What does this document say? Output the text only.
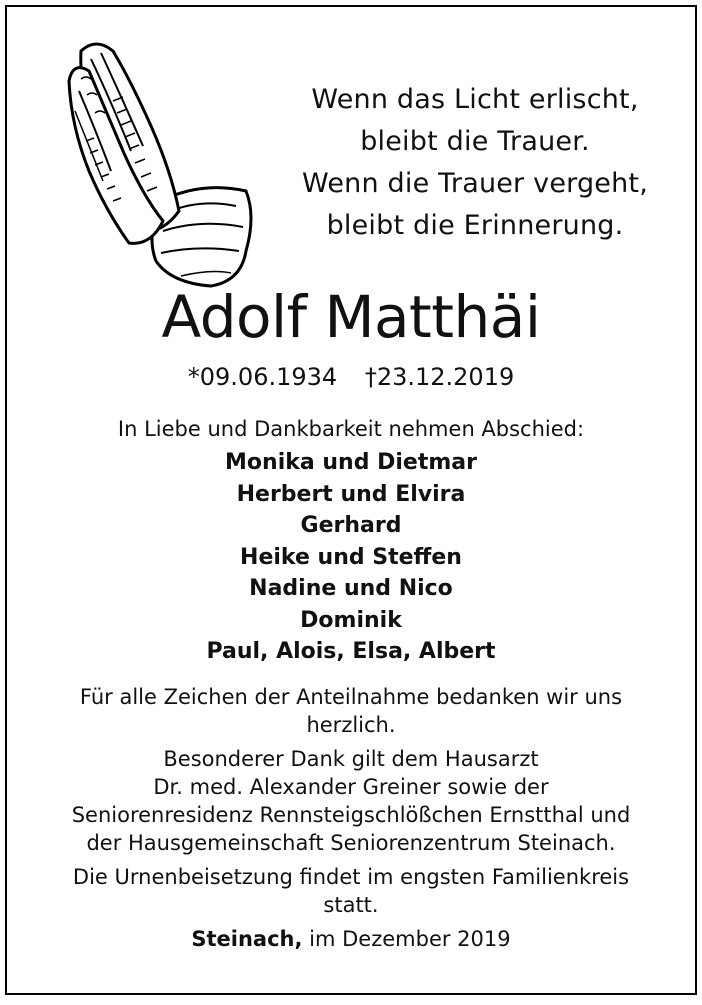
Wenn das Licht erlischt,
bleibt die Trauer.
Wenn die Trauer vergeht,
bleibt die Erinnerung.
Adolf Matthäi
*09.06.1934 †23.12.2019
In Liebe und Dankbarkeit nehmen Abschied:
Monika und Dietmar
Herbert und Elvira
Gerhard
Heike und Steffen
Nadine und Nico
Dominik
Paul, Alois, Elsa, Albert
Für alle Zeichen der Anteilnahme bedanken wir uns
herzlich.
Besonderer Dank gilt dem Hausarzt
Dr. med. Alexander Greiner sowie der
Seniorenresidenz Rennsteigschlößchen Ernstthal und
der Hausgemeinschaft Seniorenzentrum Steinach.
Die Urnenbeisetzung findet im engsten Familienkreis
statt.
Steinach, im Dezember 2019
